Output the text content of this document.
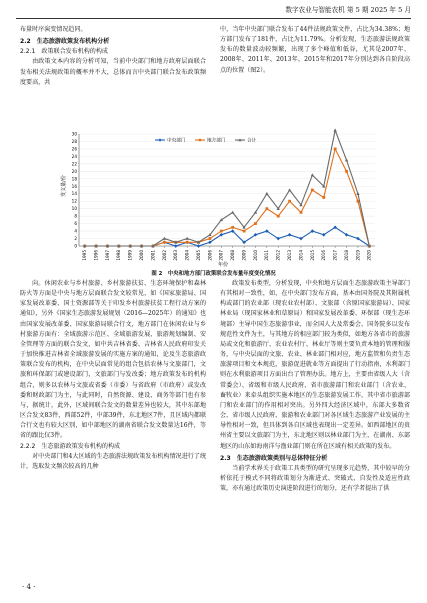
数字农业与智能农机 第 5 期 2025 年 5 月

布量时序演变情况趋同。

2.2　生态旅游政策发布机构分析

2.2.1　政策联合发布机构的构成

由政策文本内容的分析可知，当前中央部门和地方政府层面联合发布相关法规政策的概率并不大，总体而言中央部门联合发布政策频度要高，共

中，当年中央部门联合发布了44件法规政策文件，占比为34.38%；地方部门发布了181件，占比为11.79%。分析发现，生态旅游法规政策发布的数量波动较频繁，出现了多个峰值和低谷，尤其是2007年、2008年、2011年、2013年、2015年和2017年分别达到各自阶段高点的位置（图2）。

0
2
4
6
8
10
12
14
16
18
20
22
24
26
28
30
1995 1996 1997 1998 1999 2000 2001 2002 2003 2004 2005 2006 2007 2008 2009 2010 2011 2012 2013 2014 2015 2016 2017 2018 2019 2020
中央部门	地方部门	合计
发文量/份
年份
图 2　中央和地方部门政策联合发布量年度变化情况

向。休闲农业与乡村旅游、乡村旅游扶贫、生态环境保护和森林防火等方面是中央与地方层面联合发文较常见，如《国家旅游局、国家发展改革委、国土资源部等关于印发乡村旅游扶贫工程行动方案的通知》，另外《国家生态旅游发展规划（2016—2025年）的通知》也由国家发展改革委、国家旅游局联合行文，地方部门在休闲农业与乡村旅游方面有：全域旅游示范区、全域旅游发展、旅游规划编制、安全管理等方面的联合发文，如中共吉林省委、吉林省人民政府印发关于加快推进吉林省全域旅游发展的实施方案的通知，论及生态旅游政策联合发布的机构，在中央层面常见的组合包括农林与文旅部门，文旅和环保部门或建设部门，文旅部门与发改委；地方政策发布的机构组合，则多以农林与文旅或省委（市委）与省政府（市政府）或发改委和财政部门为主，与此同时，自然资源、建设、商务等部门也有参与，据统计，此外，区域间联合发文的数量差异也较大，其中东部地区合发文83件，西部52件，中部39件，东北地区7件，且区域内都联合行文也有较大区别，如中部地区的湖南省联合发文数量达16件，等省的跟比仅3件。

2.2.2　生态旅游政策发布机构的构成

对中央部门和4大区域的生态旅游法规政策发布机构情况进行了统计，选取发文频次较高的几种

政策发布类型，分析发现，中央和地方层面生态旅游政策主导部门有其相对一致性，如，在中央部门发布方面，基本由国务院及其附属机构或部门的农业部（现农业农村部）、文旅部（含原国家旅游局）、国家林业局（现国家林业和草原局）和国家发展改革委、环保部（现生态环境部）主导中国生态旅游事业，而全国人大及常委会、国务院多以发布规范性文件为主，与其地方的相应部门较为类似，如地方各省市的旅游局或文化和旅游厅、农业农村厅、林业厅等则主要负责本地的管理和服务，与中央层面的文旅、农业、林业部门相对应，地方监管和负责生态旅游项目和文本规范，旅游促进就业等方面提出了行动指南，水利部门则在水利旅游项目方面出台了管理办法。地方上，主要由省级人大（含常委会）、省级和市级人民政府、省市旅游部门和农业部门（含农业、畜牧业）来牵头组织实施本地区的生态旅游发展工作，其中省市旅游部门和农业部门的作用相对突出。另外四大经济区域中，东部大多数省会、省市级人民政府、旅游和农业部门对各区域生态旅游产业发展的主导性相对一致，但具体到各自区域也表现出一定差异。如西部地区的贵州省主要以文旅部门为主，东北地区则以林业部门为主，在湖南、东部地区的山东如海南洋与渔业部门则在所在区域有相关政策的发布。

2.3　生态旅游政策类别与总体特征分析

当前学术界关于政策工具类型的研究呈现多元趋势，其中较早的分析依托于模式不同将政策划分为渐进式、突破式、自发性及适应性政策，亦有通过政策历史演进阶段进行的划分，还有学者提出了供

· 4 ·
